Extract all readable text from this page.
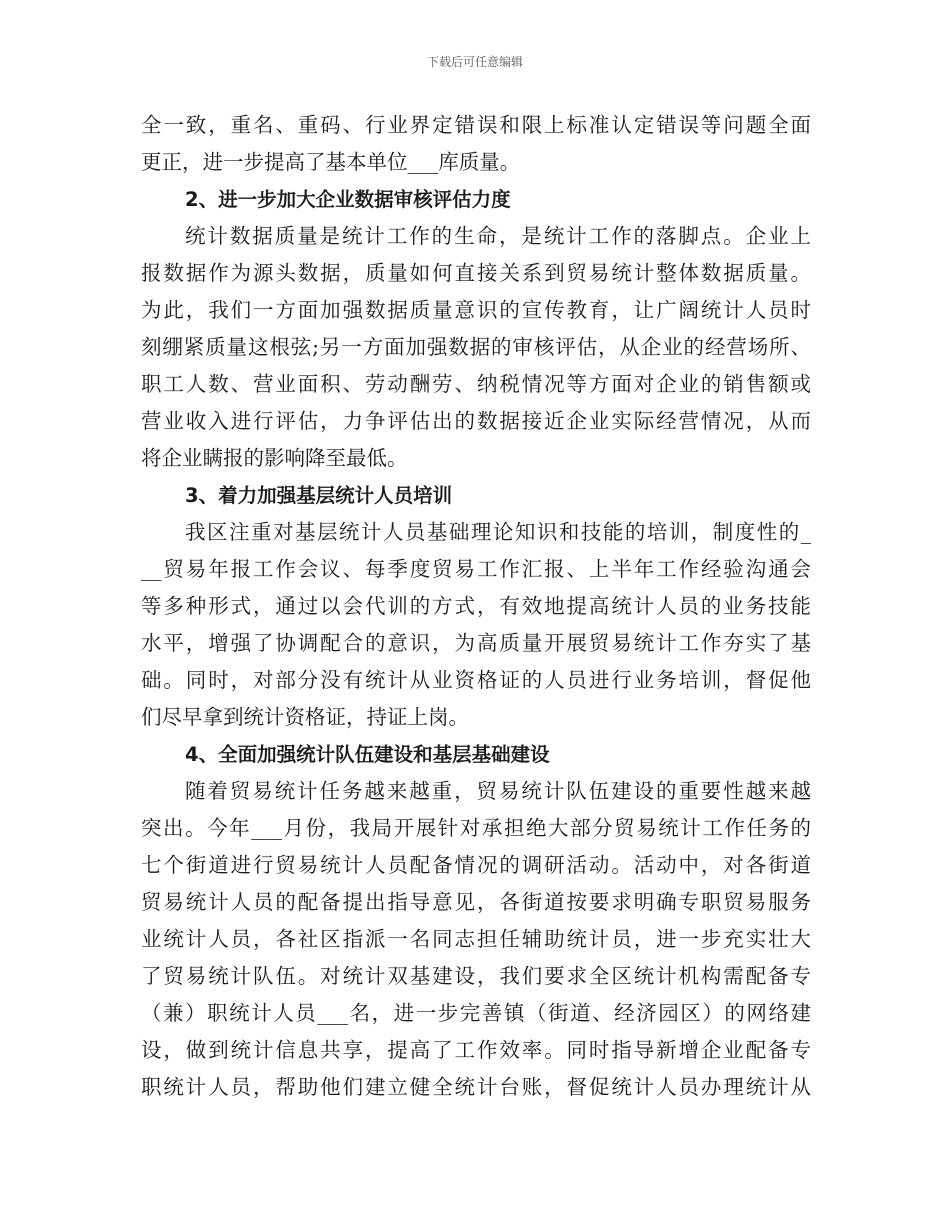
下载后可任意编辑
全一致，重名、重码、行业界定错误和限上标准认定错误等问题全面
更正，进一步提高了基本单位___库质量。
2、进一步加大企业数据审核评估力度
统计数据质量是统计工作的生命，是统计工作的落脚点。企业上
报数据作为源头数据，质量如何直接关系到贸易统计整体数据质量。
为此，我们一方面加强数据质量意识的宣传教育，让广阔统计人员时
刻绷紧质量这根弦;另一方面加强数据的审核评估，从企业的经营场所、
职工人数、营业面积、劳动酬劳、纳税情况等方面对企业的销售额或
营业收入进行评估，力争评估出的数据接近企业实际经营情况，从而
将企业瞒报的影响降至最低。
3、着力加强基层统计人员培训
我区注重对基层统计人员基础理论知识和技能的培训，制度性的_
__贸易年报工作会议、每季度贸易工作汇报、上半年工作经验沟通会
等多种形式，通过以会代训的方式，有效地提高统计人员的业务技能
水平，增强了协调配合的意识，为高质量开展贸易统计工作夯实了基
础。同时，对部分没有统计从业资格证的人员进行业务培训，督促他
们尽早拿到统计资格证，持证上岗。
4、全面加强统计队伍建设和基层基础建设
随着贸易统计任务越来越重，贸易统计队伍建设的重要性越来越
突出。今年___月份，我局开展针对承担绝大部分贸易统计工作任务的
七个街道进行贸易统计人员配备情况的调研活动。活动中，对各街道
贸易统计人员的配备提出指导意见，各街道按要求明确专职贸易服务
业统计人员，各社区指派一名同志担任辅助统计员，进一步充实壮大
了贸易统计队伍。对统计双基建设，我们要求全区统计机构需配备专
（兼）职统计人员___名，进一步完善镇（街道、经济园区）的网络建
设，做到统计信息共享，提高了工作效率。同时指导新增企业配备专
职统计人员，帮助他们建立健全统计台账，督促统计人员办理统计从
